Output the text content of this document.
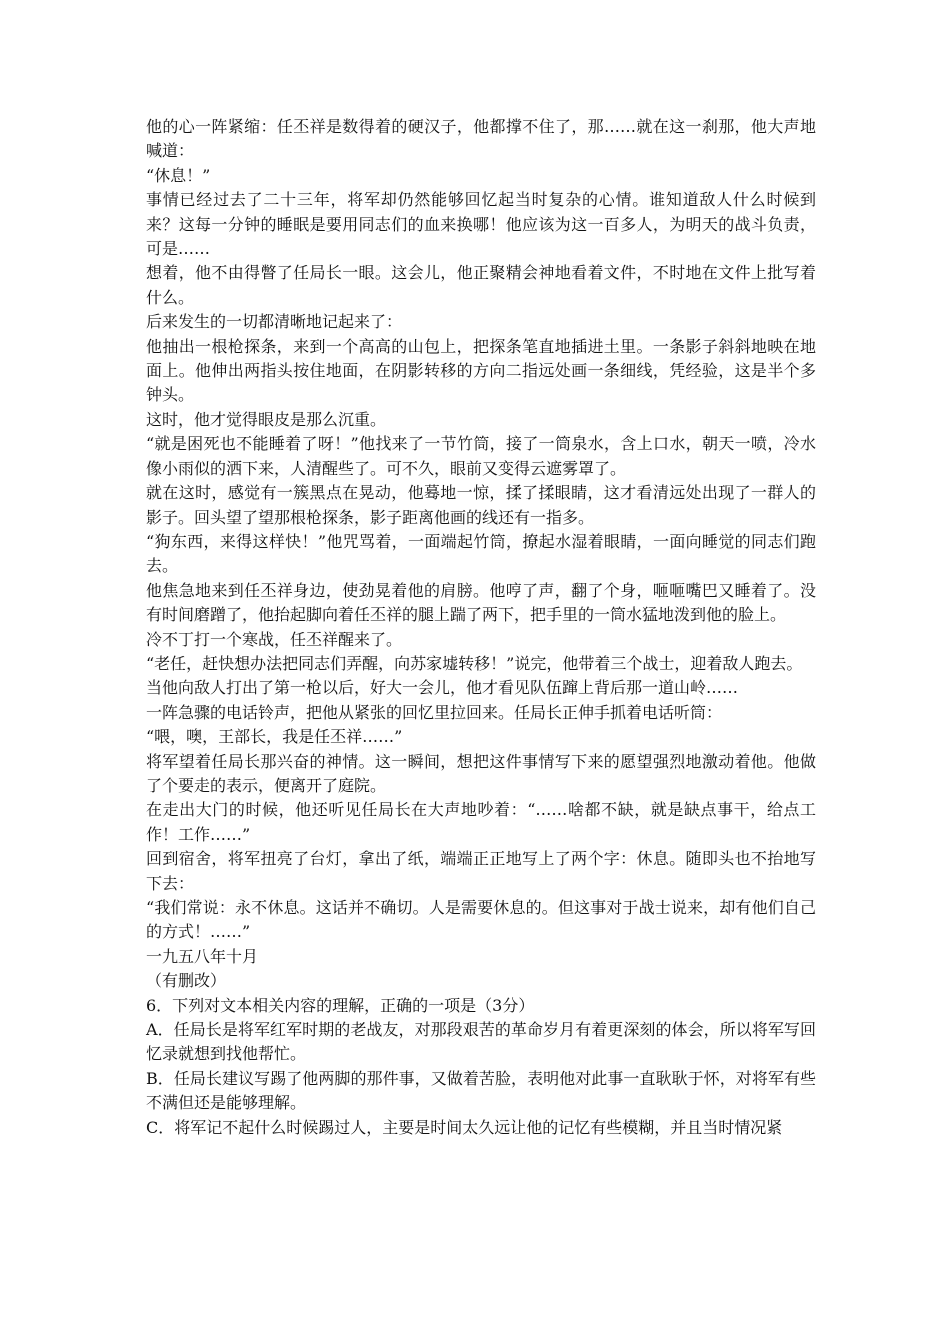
他的心一阵紧缩：任丕祥是数得着的硬汉子，他都撑不住了，那……就在这一刹那，他大声地喊道：

“休息！”

事情已经过去了二十三年，将军却仍然能够回忆起当时复杂的心情。谁知道敌人什么时候到来？这每一分钟的睡眠是要用同志们的血来换哪！他应该为这一百多人，为明天的战斗负责，可是……

想着，他不由得瞥了任局长一眼。这会儿，他正聚精会神地看着文件，不时地在文件上批写着什么。

后来发生的一切都清晰地记起来了：

他抽出一根枪探条，来到一个高高的山包上，把探条笔直地插进土里。一条影子斜斜地映在地面上。他伸出两指头按住地面，在阴影转移的方向二指远处画一条细线，凭经验，这是半个多钟头。

这时，他才觉得眼皮是那么沉重。

“就是困死也不能睡着了呀！”他找来了一节竹筒，接了一筒泉水，含上口水，朝天一喷，冷水像小雨似的洒下来，人清醒些了。可不久，眼前又变得云遮雾罩了。

就在这时，感觉有一簇黑点在晃动，他蓦地一惊，揉了揉眼睛，这才看清远处出现了一群人的影子。回头望了望那根枪探条，影子距离他画的线还有一指多。

“狗东西，来得这样快！”他咒骂着，一面端起竹筒，撩起水湿着眼睛，一面向睡觉的同志们跑去。

他焦急地来到任丕祥身边，使劲晃着他的肩膀。他哼了声，翻了个身，咂咂嘴巴又睡着了。没有时间磨蹭了，他抬起脚向着任丕祥的腿上踹了两下，把手里的一筒水猛地泼到他的脸上。

冷不丁打一个寒战，任丕祥醒来了。

“老任，赶快想办法把同志们弄醒，向苏家墟转移！”说完，他带着三个战士，迎着敌人跑去。

当他向敌人打出了第一枪以后，好大一会儿，他才看见队伍蹿上背后那一道山岭……

一阵急骤的电话铃声，把他从紧张的回忆里拉回来。任局长正伸手抓着电话听筒：

“喂，噢，王部长，我是任丕祥……”

将军望着任局长那兴奋的神情。这一瞬间，想把这件事情写下来的愿望强烈地激动着他。他做了个要走的表示，便离开了庭院。

在走出大门的时候，他还听见任局长在大声地吵着：“……啥都不缺，就是缺点事干，给点工作！工作……”

回到宿舍，将军扭亮了台灯，拿出了纸，端端正正地写上了两个字：休息。随即头也不抬地写下去：

“我们常说：永不休息。这话并不确切。人是需要休息的。但这事对于战士说来，却有他们自己的方式！……”

一九五八年十月

（有删改）

6．下列对文本相关内容的理解，正确的一项是（3分）

A．任局长是将军红军时期的老战友，对那段艰苦的革命岁月有着更深刻的体会，所以将军写回忆录就想到找他帮忙。

B．任局长建议写踢了他两脚的那件事，又做着苦脸，表明他对此事一直耿耿于怀，对将军有些不满但还是能够理解。

C．将军记不起什么时候踢过人，主要是时间太久远让他的记忆有些模糊，并且当时情况紧
